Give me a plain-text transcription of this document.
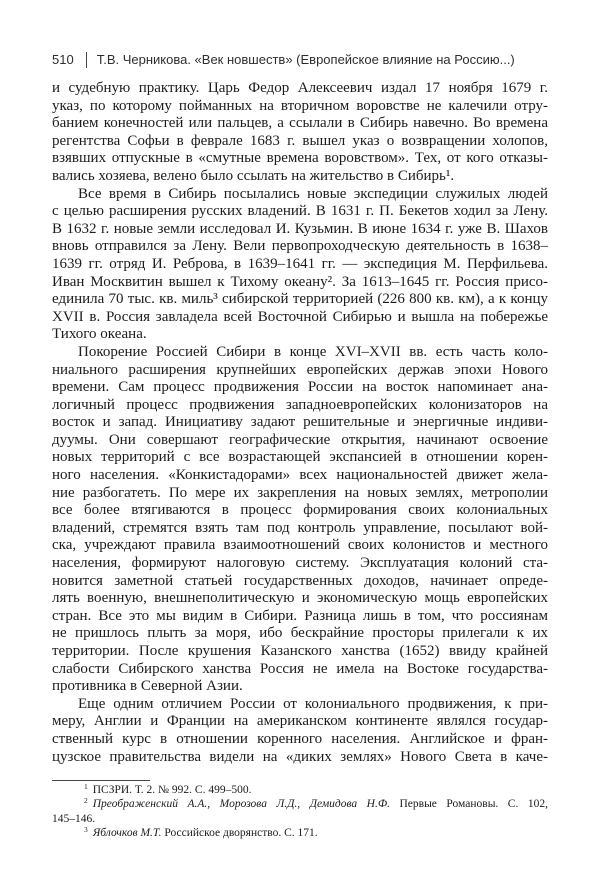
510 Т.В. Черникова. «Век новшеств» (Европейское влияние на Россию...)
и судебную практику. Царь Федор Алексеевич издал 17 ноября 1679 г.
указ, по которому пойманных на вторичном воровстве не калечили отру-
банием конечностей или пальцев, а ссылали в Сибирь навечно. Во времена
регентства Софьи в феврале 1683 г. вышел указ о возвращении холопов,
взявших отпускные в «смутные времена воровством». Тех, от кого отказы-
вались хозяева, велено было ссылать на жительство в Сибирь¹.
Все время в Сибирь посылались новые экспедиции служилых людей
с целью расширения русских владений. В 1631 г. П. Бекетов ходил за Лену.
В 1632 г. новые земли исследовал И. Кузьмин. В июне 1634 г. уже В. Шахов
вновь отправился за Лену. Вели первопроходческую деятельность в 1638–
1639 гг. отряд И. Реброва, в 1639–1641 гг. — экспедиция М. Перфильева.
Иван Москвитин вышел к Тихому океану². За 1613–1645 гг. Россия присо-
единила 70 тыс. кв. миль³ сибирской территорией (226 800 кв. км), а к концу
XVII в. Россия завладела всей Восточной Сибирью и вышла на побережье
Тихого океана.
Покорение Россией Сибири в конце XVI–XVII вв. есть часть коло-
ниального расширения крупнейших европейских держав эпохи Нового
времени. Сам процесс продвижения России на восток напоминает ана-
логичный процесс продвижения западноевропейских колонизаторов на
восток и запад. Инициативу задают решительные и энергичные индиви-
дуумы. Они совершают географические открытия, начинают освоение
новых территорий с все возрастающей экспансией в отношении корен-
ного населения. «Конкистадорами» всех национальностей движет жела-
ние разбогатеть. По мере их закрепления на новых землях, метрополии
все более втягиваются в процесс формирования своих колониальных
владений, стремятся взять там под контроль управление, посылают вой-
ска, учреждают правила взаимоотношений своих колонистов и местного
населения, формируют налоговую систему. Эксплуатация колоний ста-
новится заметной статьей государственных доходов, начинает опреде-
лять военную, внешнеполитическую и экономическую мощь европейских
стран. Все это мы видим в Сибири. Разница лишь в том, что россиянам
не пришлось плыть за моря, ибо бескрайние просторы прилегали к их
территории. После крушения Казанского ханства (1652) ввиду крайней
слабости Сибирского ханства Россия не имела на Востоке государства-
противника в Северной Азии.
Еще одним отличием России от колониального продвижения, к при-
меру, Англии и Франции на американском континенте являлся государ-
ственный курс в отношении коренного населения. Английское и фран-
цузское правительства видели на «диких землях» Нового Света в каче-
$^1$ ПСЗРИ. Т. 2. № 992. С. 499–500.
$^2$ Преображенский А.А., Морозова Л.Д., Демидова Н.Ф. Первые Романовы. С. 102,
145–146.
$^3$ Яблочков М.Т. Российское дворянство. С. 171.
